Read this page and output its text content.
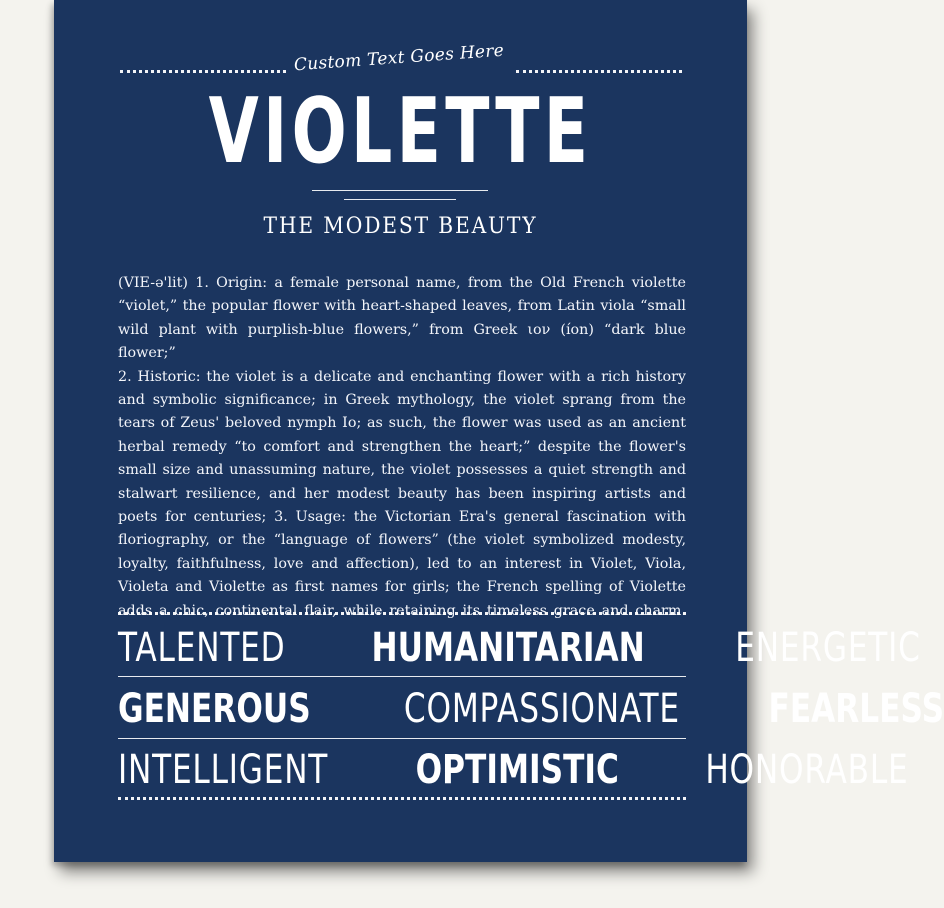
Custom Text Goes Here
VIOLETTE
THE MODEST BEAUTY

(VIE-ə'lit) 1. Origin: a female personal name, from the Old French violette

“violet,” the popular flower with heart-shaped leaves, from Latin viola “small

wild plant with purplish-blue flowers,” from Greek ιον (íon) “dark blue flower;”

2. Historic: the violet is a delicate and enchanting flower with a rich history

and symbolic significance; in Greek mythology, the violet sprang from the

tears of Zeus' beloved nymph Io; as such, the flower was used as an ancient

herbal remedy “to comfort and strengthen the heart;” despite the flower's

small size and unassuming nature, the violet possesses a quiet strength and

stalwart resilience, and her modest beauty has been inspiring artists and

poets for centuries; 3. Usage: the Victorian Era's general fascination with

floriography, or the “language of flowers” (the violet symbolized modesty,

loyalty, faithfulness, love and affection), led to an interest in Violet, Viola,

Violeta and Violette as first names for girls; the French spelling of Violette

adds a chic, continental flair, while retaining its timeless grace and charm.

TALENTED HUMANITARIAN ENERGETIC
GENEROUS COMPASSIONATE FEARLESS
INTELLIGENT OPTIMISTIC HONORABLE
